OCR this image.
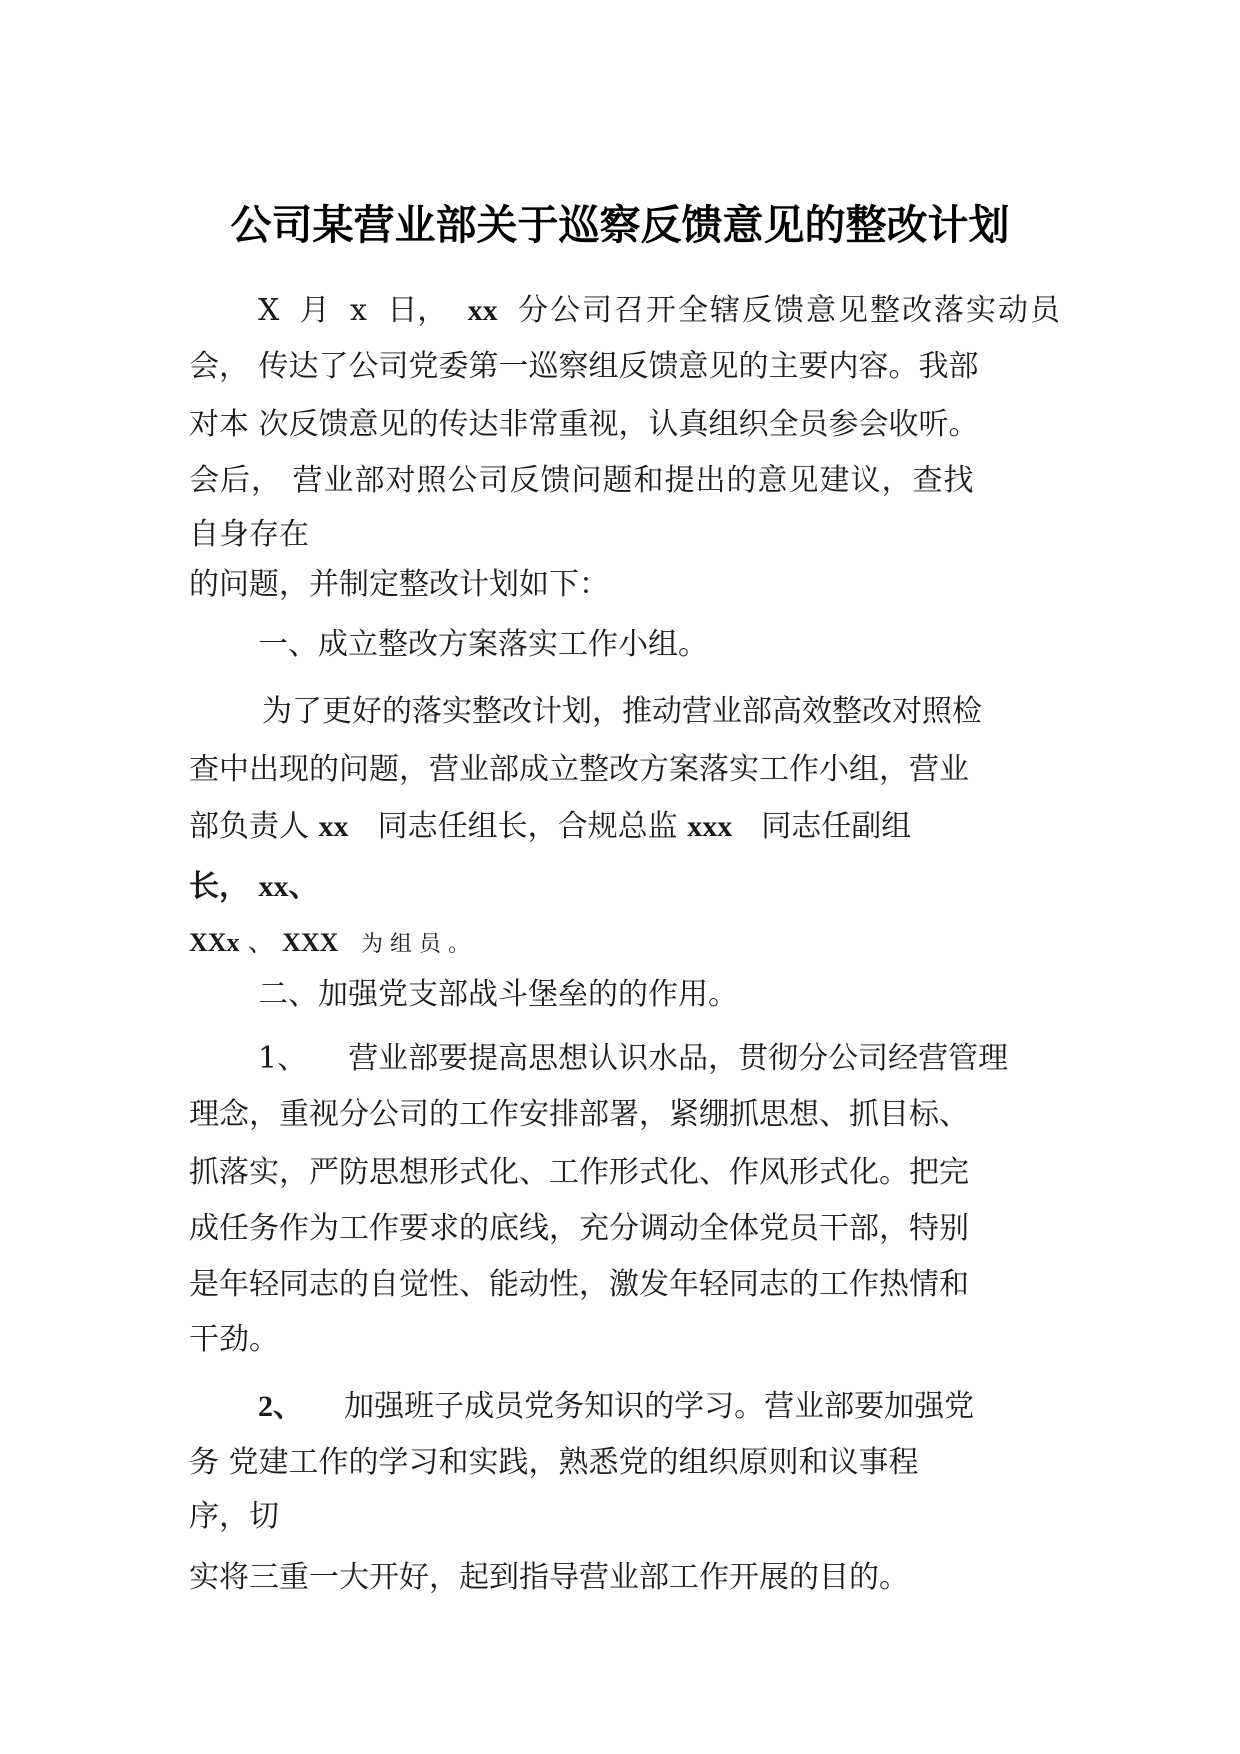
公司某营业部关于巡察反馈意见的整改计划
X 月 x 日， xx 分公司召开全辖反馈意见整改落实动员
会， 传达了公司党委第一巡察组反馈意见的主要内容。我部
对本 次反馈意见的传达非常重视，认真组织全员参会收听。
会后， 营业部对照公司反馈问题和提出的意见建议，查找
自身存在
的问题，并制定整改计划如下：
一、成立整改方案落实工作小组。
为了更好的落实整改计划，推动营业部高效整改对照检
查中出现的问题，营业部成立整改方案落实工作小组，营业
部负责人 xx 同志任组长，合规总监 xxx 同志任副组
长， xx、
XXx 、 XXX 为 组 员 。
二、加强党支部战斗堡垒的的作用。
1、 营业部要提高思想认识水品，贯彻分公司经营管理
理念，重视分公司的工作安排部署，紧绷抓思想、抓目标、
抓落实，严防思想形式化、工作形式化、作风形式化。把完
成任务作为工作要求的底线，充分调动全体党员干部，特别
是年轻同志的自觉性、能动性，激发年轻同志的工作热情和
干劲。
2、 加强班子成员党务知识的学习。营业部要加强党
务 党建工作的学习和实践，熟悉党的组织原则和议事程
序，切
实将三重一大开好，起到指导营业部工作开展的目的。
